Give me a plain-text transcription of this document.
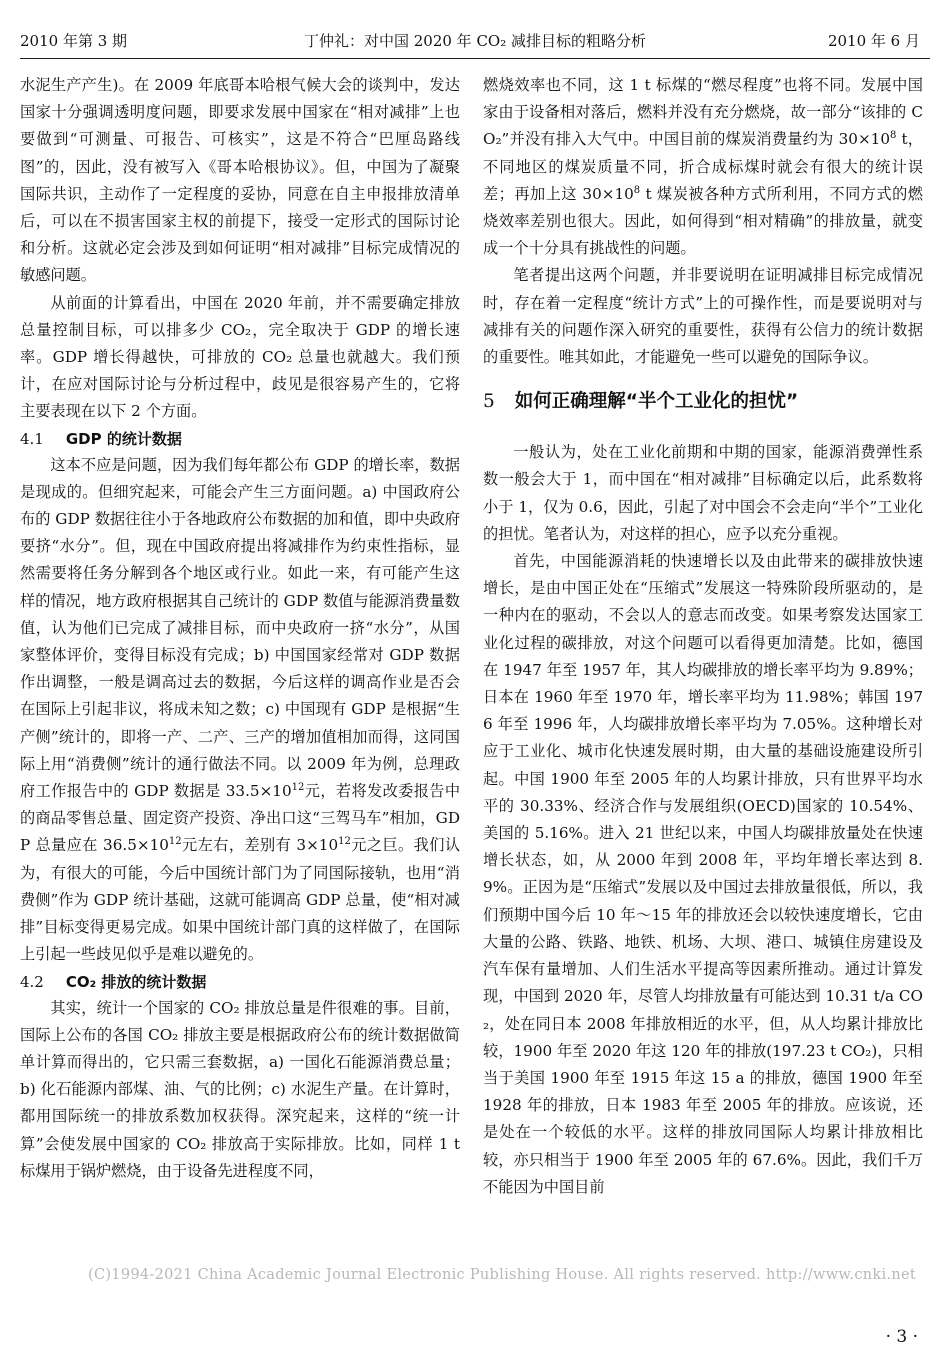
2010 年第 3 期	丁仲礼：对中国 2020 年 CO₂ 减排目标的粗略分析	2010 年 6 月

水泥生产产生)。在 2009 年底哥本哈根气候大会的谈判中，发达国家十分强调透明度问题，即要求发展中国家在“相对减排”上也要做到“可测量、可报告、可核实”，这是不符合“巴厘岛路线图”的，因此，没有被写入《哥本哈根协议》。但，中国为了凝聚国际共识，主动作了一定程度的妥协，同意在自主申报排放清单后，可以在不损害国家主权的前提下，接受一定形式的国际讨论和分析。这就必定会涉及到如何证明“相对减排”目标完成情况的敏感问题。

从前面的计算看出，中国在 2020 年前，并不需要确定排放总量控制目标，可以排多少 CO₂，完全取决于 GDP 的增长速率。GDP 增长得越快，可排放的 CO₂ 总量也就越大。我们预计，在应对国际讨论与分析过程中，歧见是很容易产生的，它将主要表现在以下 2 个方面。

4.1 GDP 的统计数据

这本不应是问题，因为我们每年都公布 GDP 的增长率，数据是现成的。但细究起来，可能会产生三方面问题。a) 中国政府公布的 GDP 数据往往小于各地政府公布数据的加和值，即中央政府要挤“水分”。但，现在中国政府提出将减排作为约束性指标，显然需要将任务分解到各个地区或行业。如此一来，有可能产生这样的情况，地方政府根据其自己统计的 GDP 数值与能源消费量数值，认为他们已完成了减排目标，而中央政府一挤“水分”，从国家整体评价，变得目标没有完成；b) 中国国家经常对 GDP 数据作出调整，一般是调高过去的数据，今后这样的调高作业是否会在国际上引起非议，将成未知之数；c) 中国现有 GDP 是根据“生产侧”统计的，即将一产、二产、三产的增加值相加而得，这同国际上用“消费侧”统计的通行做法不同。以 2009 年为例，总理政府工作报告中的 GDP 数据是 $33.5\times 10^{12}$元，若将发改委报告中的商品零售总量、固定资产投资、净出口这“三驾马车”相加，GDP 总量应在 $36.5\times 10^{12}$元左右，差别有 $3\times 10^{12}$元之巨。我们认为，有很大的可能，今后中国统计部门为了同国际接轨，也用“消费侧”作为 GDP 统计基础，这就可能调高 GDP 总量，使“相对减排”目标变得更易完成。如果中国统计部门真的这样做了，在国际上引起一些歧见似乎是难以避免的。

4.2 CO₂ 排放的统计数据

其实，统计一个国家的 CO₂ 排放总量是件很难的事。目前，国际上公布的各国 CO₂ 排放主要是根据政府公布的统计数据做简单计算而得出的，它只需三套数据，a) 一国化石能源消费总量；b) 化石能源内部煤、油、气的比例；c) 水泥生产量。在计算时，都用国际统一的排放系数加权获得。深究起来，这样的“统一计算”会使发展中国家的 CO₂ 排放高于实际排放。比如，同样 1 t 标煤用于锅炉燃烧，由于设备先进程度不同，

燃烧效率也不同，这 1 t 标煤的“燃尽程度”也将不同。发展中国家由于设备相对落后，燃料并没有充分燃烧，故一部分“该排的 CO₂”并没有排入大气中。中国目前的煤炭消费量约为 $30\times 10^8$ t，不同地区的煤炭质量不同，折合成标煤时就会有很大的统计误差；再加上这 $30\times 10^8$ t 煤炭被各种方式所利用，不同方式的燃烧效率差别也很大。因此，如何得到“相对精确”的排放量，就变成一个十分具有挑战性的问题。

笔者提出这两个问题，并非要说明在证明减排目标完成情况时，存在着一定程度“统计方式”上的可操作性，而是要说明对与减排有关的问题作深入研究的重要性，获得有公信力的统计数据的重要性。唯其如此，才能避免一些可以避免的国际争议。

5 如何正确理解“半个工业化的担忧”

一般认为，处在工业化前期和中期的国家，能源消费弹性系数一般会大于 1，而中国在“相对减排”目标确定以后，此系数将小于 1，仅为 0.6，因此，引起了对中国会不会走向“半个”工业化的担忧。笔者认为，对这样的担心，应予以充分重视。

首先，中国能源消耗的快速增长以及由此带来的碳排放快速增长，是由中国正处在“压缩式”发展这一特殊阶段所驱动的，是一种内在的驱动，不会以人的意志而改变。如果考察发达国家工业化过程的碳排放，对这个问题可以看得更加清楚。比如，德国在 1947 年至 1957 年，其人均碳排放的增长率平均为 9.89%；日本在 1960 年至 1970 年，增长率平均为 11.98%；韩国 1976 年至 1996 年，人均碳排放增长率平均为 7.05%。这种增长对应于工业化、城市化快速发展时期，由大量的基础设施建设所引起。中国 1900 年至 2005 年的人均累计排放，只有世界平均水平的 30.33%、经济合作与发展组织(OECD)国家的 10.54%、美国的 5.16%。进入 21 世纪以来，中国人均碳排放量处在快速增长状态，如，从 2000 年到 2008 年，平均年增长率达到 8.9%。正因为是“压缩式”发展以及中国过去排放量很低，所以，我们预期中国今后 10 年～15 年的排放还会以较快速度增长，它由大量的公路、铁路、地铁、机场、大坝、港口、城镇住房建设及汽车保有量增加、人们生活水平提高等因素所推动。通过计算发现，中国到 2020 年，尽管人均排放量有可能达到 10.31 t/a CO₂，处在同日本 2008 年排放相近的水平，但，从人均累计排放比较，1900 年至 2020 年这 120 年的排放(197.23 t CO₂)，只相当于美国 1900 年至 1915 年这 15 a 的排放，德国 1900 年至 1928 年的排放，日本 1983 年至 2005 年的排放。应该说，还是处在一个较低的水平。这样的排放同国际人均累计排放相比较，亦只相当于 1900 年至 2005 年的 67.6%。因此，我们千万不能因为中国目前

(C)1994-2021 China Academic Journal Electronic Publishing House. All rights reserved. http://www.cnki.net
· 3 ·
